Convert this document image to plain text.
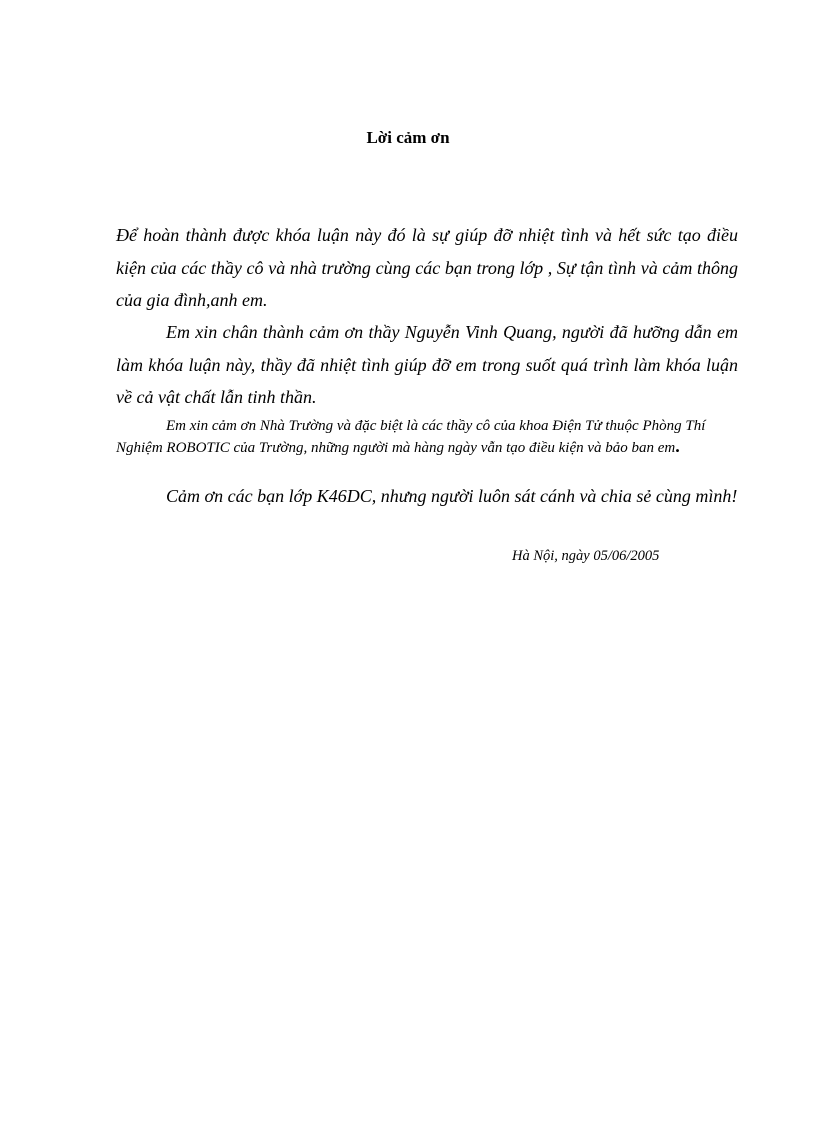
Lời cảm ơn

Để hoàn thành được khóa luận này đó là sự giúp đỡ nhiệt tình và hết sức tạo điều kiện của các thầy cô và nhà trường cùng các bạn trong lớp , Sự tận tình và cảm thông của gia đình,anh em.

Em xin chân thành cảm ơn thầy Nguyễn Vinh Quang, người đã hưỡng dẫn em làm khóa luận này, thầy đã nhiệt tình giúp đỡ em trong suốt quá trình làm khóa luận về cả vật chất lẫn tinh thần.

Em xin cảm ơn Nhà Trường và đặc biệt là các thầy cô của khoa Điện Tử thuộc Phòng Thí Nghiệm ROBOTIC của Trường, những người mà hàng ngày vẫn tạo điều kiện và bảo ban em.

Cảm ơn các bạn lớp K46DC, nhưng người luôn sát cánh và chia sẻ cùng mình!

Hà Nội, ngày 05/06/2005
